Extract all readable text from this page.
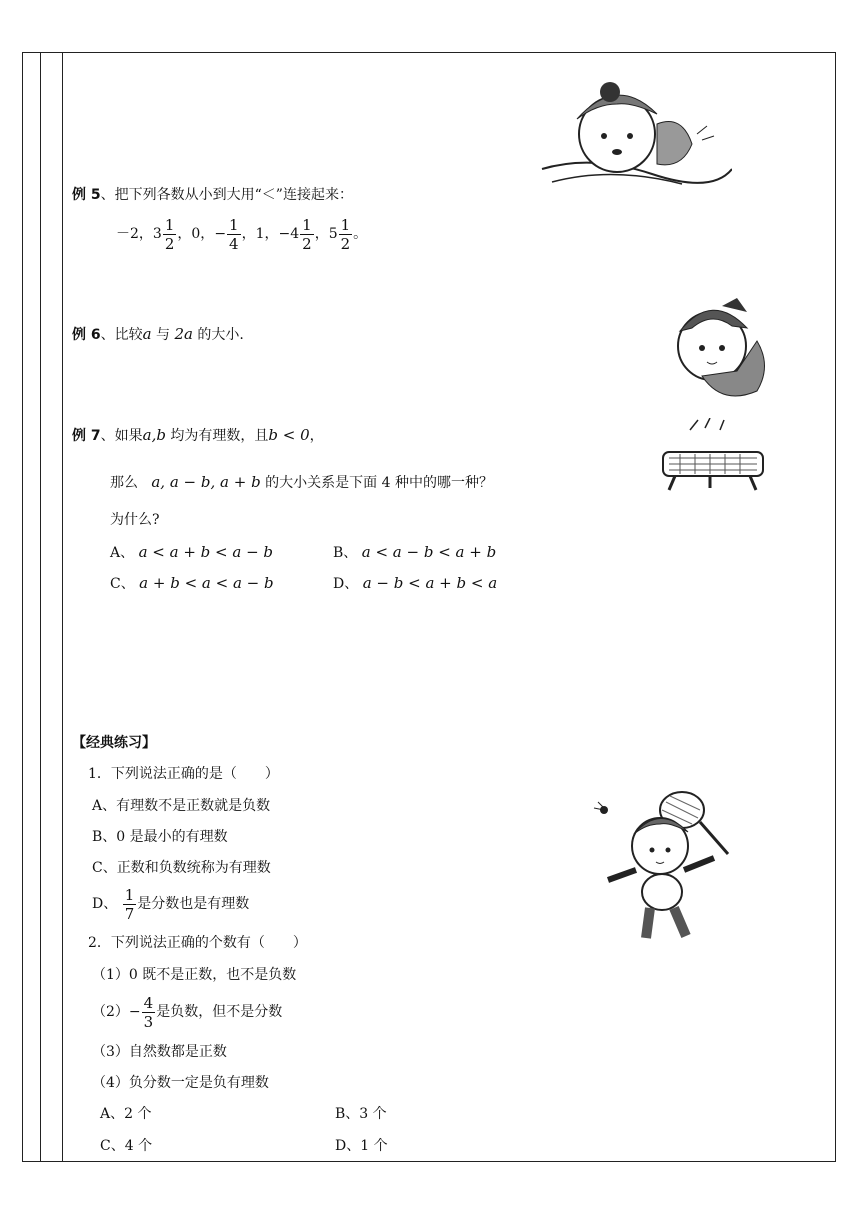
例 5、把下列各数从小到大用“＜”连接起来：
－2， $3 \frac{1}{2}$ ，0， − $\frac{1}{4}$ ，1， $-4 \frac{1}{2}$ ， $5 \frac{1}{2}$ 。
例 6、比较a 与 2a 的大小.
例 7、如果a,b 均为有理数，且b < 0，
那么 a, a − b, a + b 的大小关系是下面 4 种中的哪一种？
为什么?
A、 a < a + b < a − b	B、 a < a − b < a + b
C、 a + b < a < a − b	D、 a − b < a + b < a
【经典练习】
1．下列说法正确的是（　　）
A、有理数不是正数就是负数
B、0 是最小的有理数
C、正数和负数统称为有理数
D、
$\frac{1}{7}$ 是分数也是有理数
2．下列说法正确的个数有（　　）
（1）0 既不是正数，也不是负数
$(2) - \frac{4}{3}$ 是负数，但不是分数
（3）自然数都是正数
（4）负分数一定是负有理数
A、2 个	B、3 个
C、4 个	D、1 个
